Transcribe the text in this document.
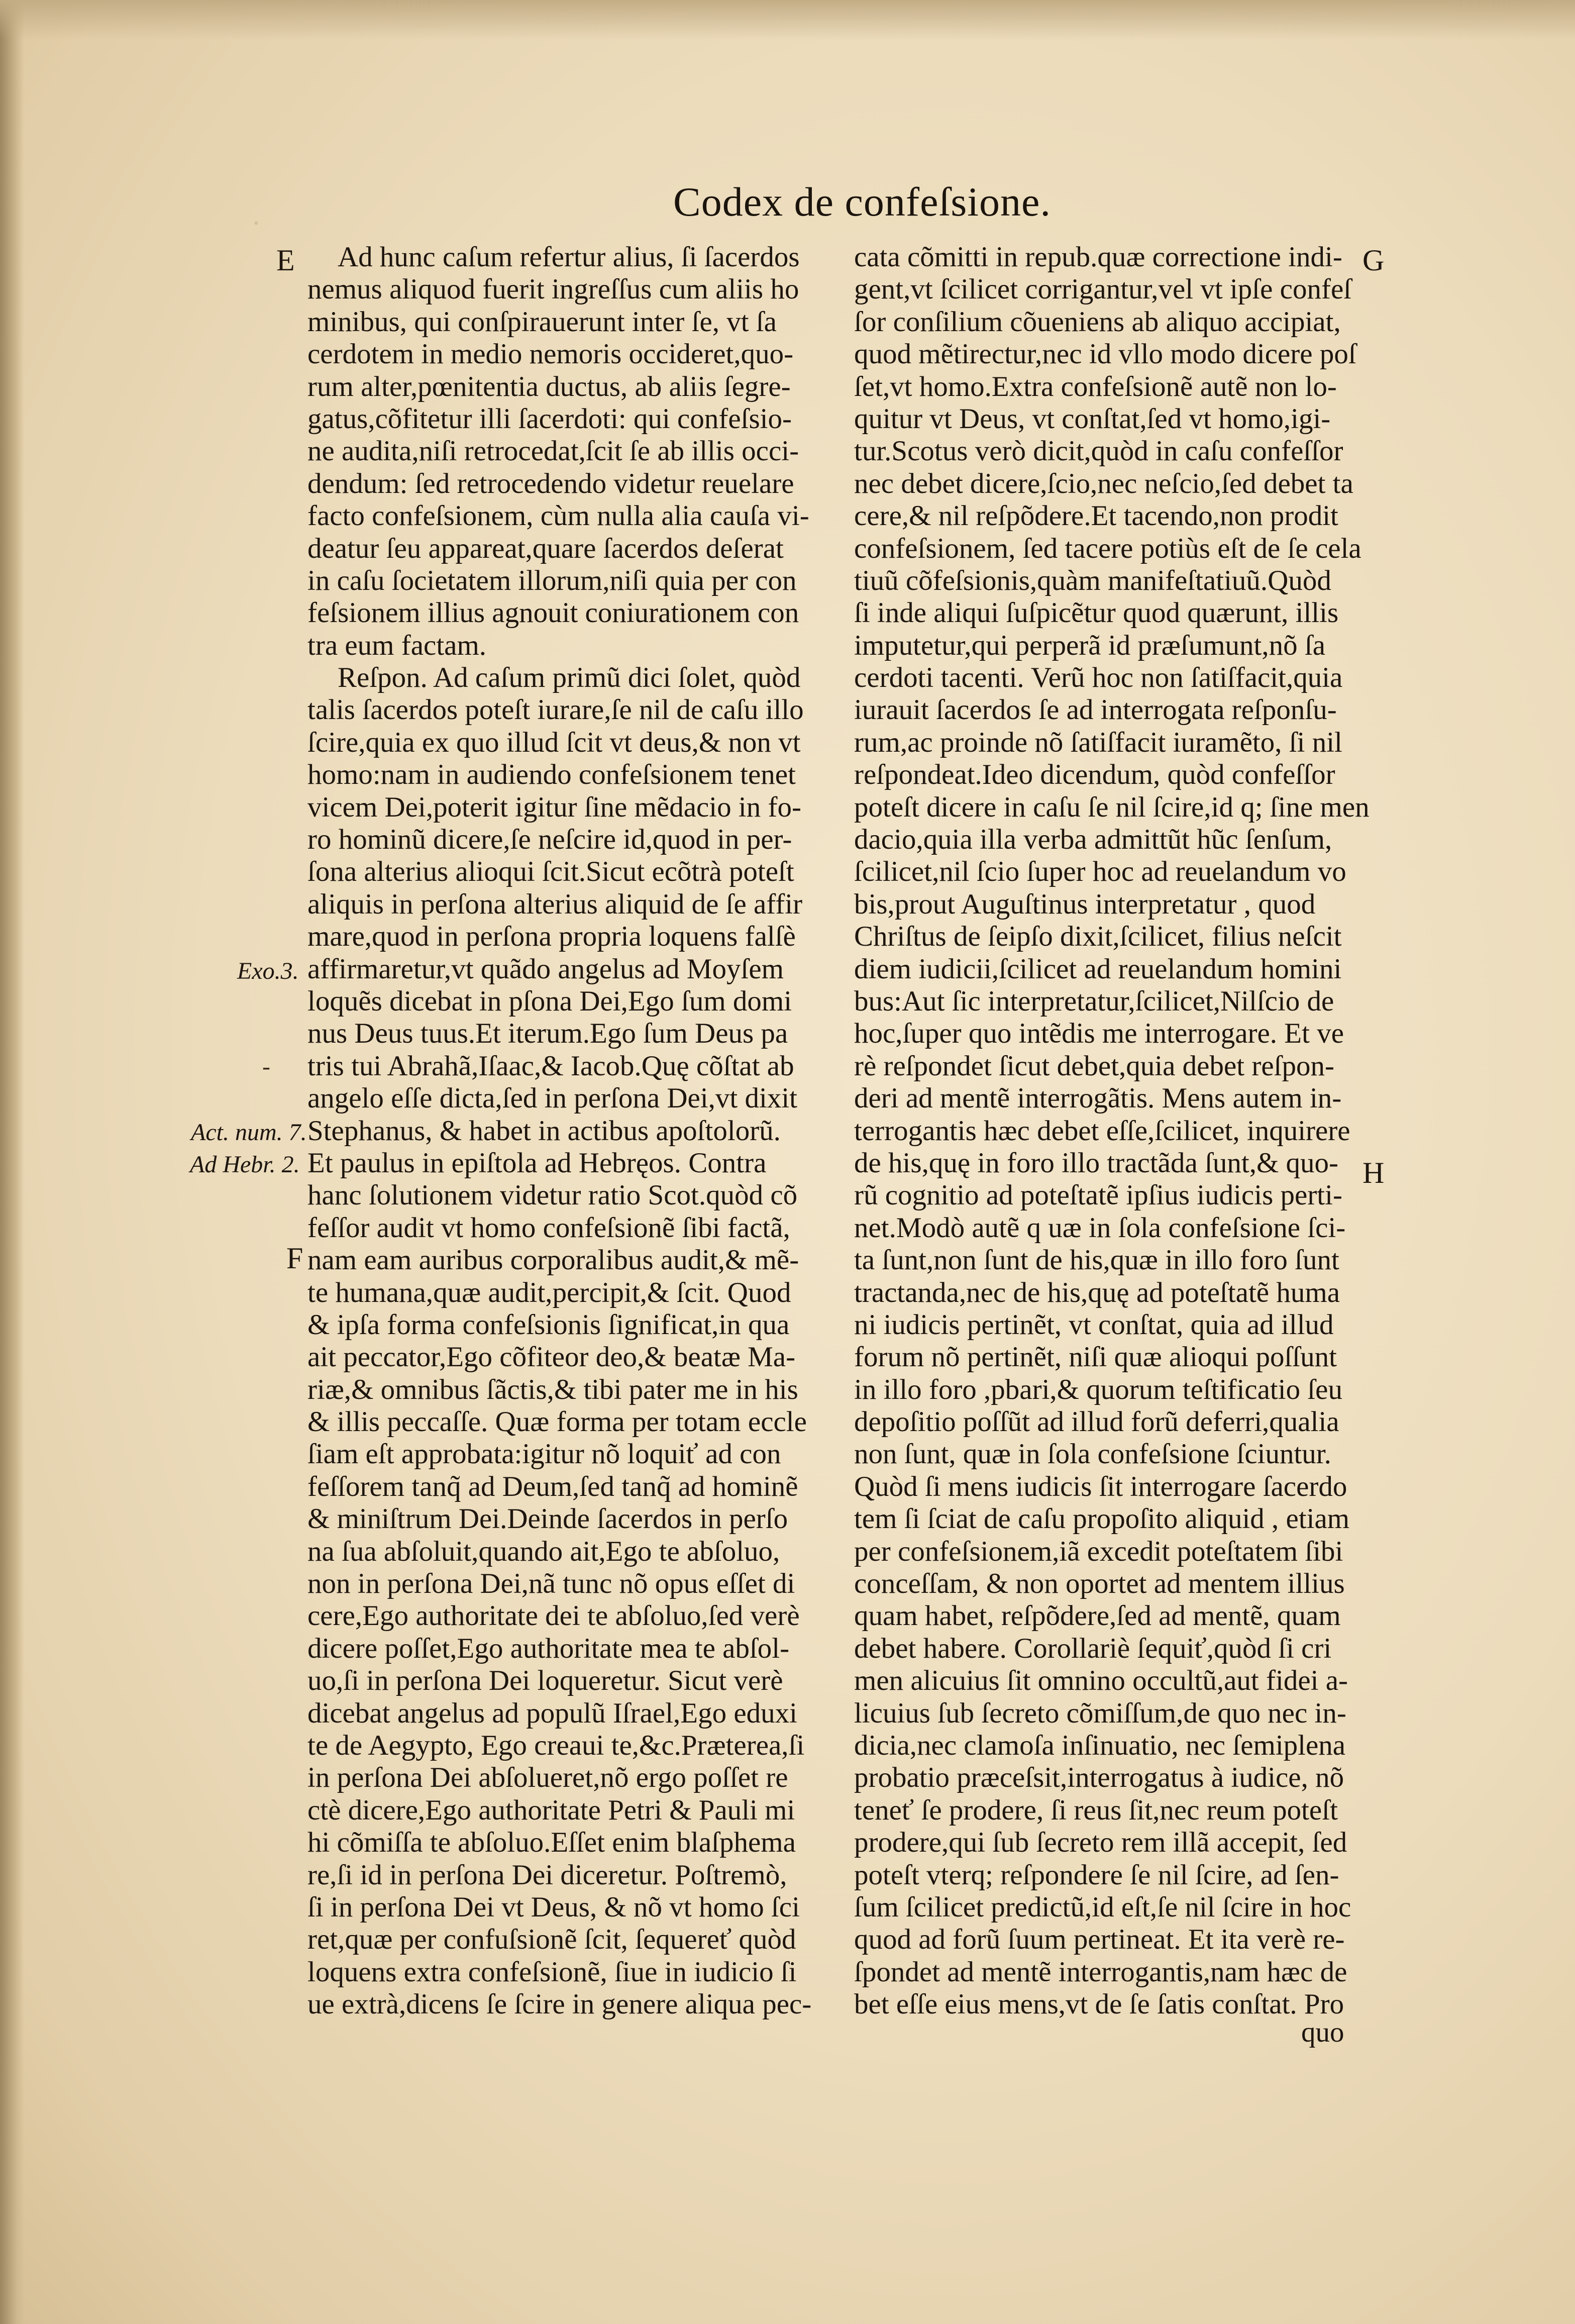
·	Codex de confeſsione.
E
F
G
H
Exo.3.
-
Act. num. 7.
Ad Hebr. 2.
Ad hunc caſum refertur alius, ſi ſacerdos
nemus aliquod fuerit ingreſſus cum aliis ho
minibus, qui conſpirauerunt inter ſe, vt ſa
cerdotem in medio nemoris occideret,quo-
rum alter,pœnitentia ductus, ab aliis ſegre-
gatus,cõfitetur illi ſacerdoti: qui confeſsio-
ne audita,niſi retrocedat,ſcit ſe ab illis occi-
dendum: ſed retrocedendo videtur reuelare
facto confeſsionem, cùm nulla alia cauſa vi-
deatur ſeu appareat,quare ſacerdos deſerat
in caſu ſocietatem illorum,niſi quia per con
feſsionem illius agnouit coniurationem con
tra eum factam.
Reſpon. Ad caſum primũ dici ſolet, quòd
talis ſacerdos poteſt iurare,ſe nil de caſu illo
ſcire,quia ex quo illud ſcit vt deus,& non vt
homo:nam in audiendo confeſsionem tenet
vicem Dei,poterit igitur ſine mẽdacio in fo-
ro hominũ dicere,ſe neſcire id,quod in per-
ſona alterius alioqui ſcit.Sicut ecõtrà poteſt
aliquis in perſona alterius aliquid de ſe affir
mare,quod in perſona propria loquens falſè
affirmaretur,vt quãdo angelus ad Moyſem
loquẽs dicebat in pſona Dei,Ego ſum domi
nus Deus tuus.Et iterum.Ego ſum Deus pa
tris tui Abrahã,Iſaac,& Iacob.Quę cõſtat ab
angelo eſſe dicta,ſed in perſona Dei,vt dixit
Stephanus, & habet in actibus apoſtolorũ.
Et paulus in epiſtola ad Hebręos. Contra
hanc ſolutionem videtur ratio Scot.quòd cõ
feſſor audit vt homo confeſsionẽ ſibi factã,
nam eam auribus corporalibus audit,& mẽ-
te humana,quæ audit,percipit,& ſcit. Quod
& ipſa forma confeſsionis ſignificat,in qua
ait peccator,Ego cõfiteor deo,& beatæ Ma-
riæ,& omnibus ſãctis,& tibi pater me in his
& illis peccaſſe. Quæ forma per totam eccle
ſiam eſt approbata:igitur nõ loquiť ad con
feſſorem tanq̃ ad Deum,ſed tanq̃ ad hominẽ
& miniſtrum Dei.Deinde ſacerdos in perſo
na ſua abſoluit,quando ait,Ego te abſoluo,
non in perſona Dei,nã tunc nõ opus eſſet di
cere,Ego authoritate dei te abſoluo,ſed verè
dicere poſſet,Ego authoritate mea te abſol-
uo,ſi in perſona Dei loqueretur. Sicut verè
dicebat angelus ad populũ Iſrael,Ego eduxi
te de Aegypto, Ego creaui te,&c.Præterea,ſi
in perſona Dei abſolueret,nõ ergo poſſet re
ctè dicere,Ego authoritate Petri & Pauli mi
hi cõmiſſa te abſoluo.Eſſet enim blaſphema
re,ſi id in perſona Dei diceretur. Poſtremò,
ſi in perſona Dei vt Deus, & nõ vt homo ſci
ret,quæ per confuſsionẽ ſcit, ſequereť quòd
loquens extra confeſsionẽ, ſiue in iudicio ſi
ue extrà,dicens ſe ſcire in genere aliqua pec-
cata cõmitti in repub.quæ correctione indi-
gent,vt ſcilicet corrigantur,vel vt ipſe confeſ
ſor conſilium cõueniens ab aliquo accipiat,
quod mẽtirectur,nec id vllo modo dicere poſ
ſet,vt homo.Extra confeſsionẽ autẽ non lo-
quitur vt Deus, vt conſtat,ſed vt homo,igi-
tur.Scotus verò dicit,quòd in caſu confeſſor
nec debet dicere,ſcio,nec neſcio,ſed debet ta
cere,& nil reſpõdere.Et tacendo,non prodit
confeſsionem, ſed tacere potiùs eſt de ſe cela
tiuũ cõfeſsionis,quàm manifeſtatiuũ.Quòd
ſi inde aliqui ſuſpicẽtur quod quærunt, illis
imputetur,qui perperã id præſumunt,nõ ſa
cerdoti tacenti. Verũ hoc non ſatiſfacit,quia
iurauit ſacerdos ſe ad interrogata reſponſu-
rum,ac proinde nõ ſatiſfacit iuramẽto, ſi nil
reſpondeat.Ideo dicendum, quòd confeſſor
poteſt dicere in caſu ſe nil ſcire,id q; ſine men
dacio,quia illa verba admittũt hũc ſenſum,
ſcilicet,nil ſcio ſuper hoc ad reuelandum vo
bis,prout Auguſtinus interpretatur , quod
Chriſtus de ſeipſo dixit,ſcilicet, filius neſcit
diem iudicii,ſcilicet ad reuelandum homini
bus:Aut ſic interpretatur,ſcilicet,Nilſcio de
hoc,ſuper quo intẽdis me interrogare. Et ve
rè reſpondet ſicut debet,quia debet reſpon-
deri ad mentẽ interrogãtis. Mens autem in-
terrogantis hæc debet eſſe,ſcilicet, inquirere
de his,quę in foro illo tractãda ſunt,& quo-
rũ cognitio ad poteſtatẽ ipſius iudicis perti-
net.Modò autẽ q uæ in ſola confeſsione ſci-
ta ſunt,non ſunt de his,quæ in illo foro ſunt
tractanda,nec de his,quę ad poteſtatẽ huma
ni iudicis pertinẽt, vt conſtat, quia ad illud
forum nõ pertinẽt, niſi quæ alioqui poſſunt
in illo foro ,pbari,& quorum teſtificatio ſeu
depoſitio poſſũt ad illud forũ deferri,qualia
non ſunt, quæ in ſola confeſsione ſciuntur.
Quòd ſi mens iudicis ſit interrogare ſacerdo
tem ſi ſciat de caſu propoſito aliquid , etiam
per confeſsionem,iã excedit poteſtatem ſibi
conceſſam, & non oportet ad mentem illius
quam habet, reſpõdere,ſed ad mentẽ, quam
debet habere. Corollariè ſequiť,quòd ſi cri
men alicuius ſit omnino occultũ,aut fidei a-
licuius ſub ſecreto cõmiſſum,de quo nec in-
dicia,nec clamoſa inſinuatio, nec ſemiplena
probatio præceſsit,interrogatus à iudice, nõ
teneť ſe prodere, ſi reus ſit,nec reum poteſt
prodere,qui ſub ſecreto rem illã accepit, ſed
poteſt vterq; reſpondere ſe nil ſcire, ad ſen-
ſum ſcilicet predictũ,id eſt,ſe nil ſcire in hoc
quod ad forũ ſuum pertineat. Et ita verè re-
ſpondet ad mentẽ interrogantis,nam hæc de
bet eſſe eius mens,vt de ſe ſatis conſtat. Pro
quo
